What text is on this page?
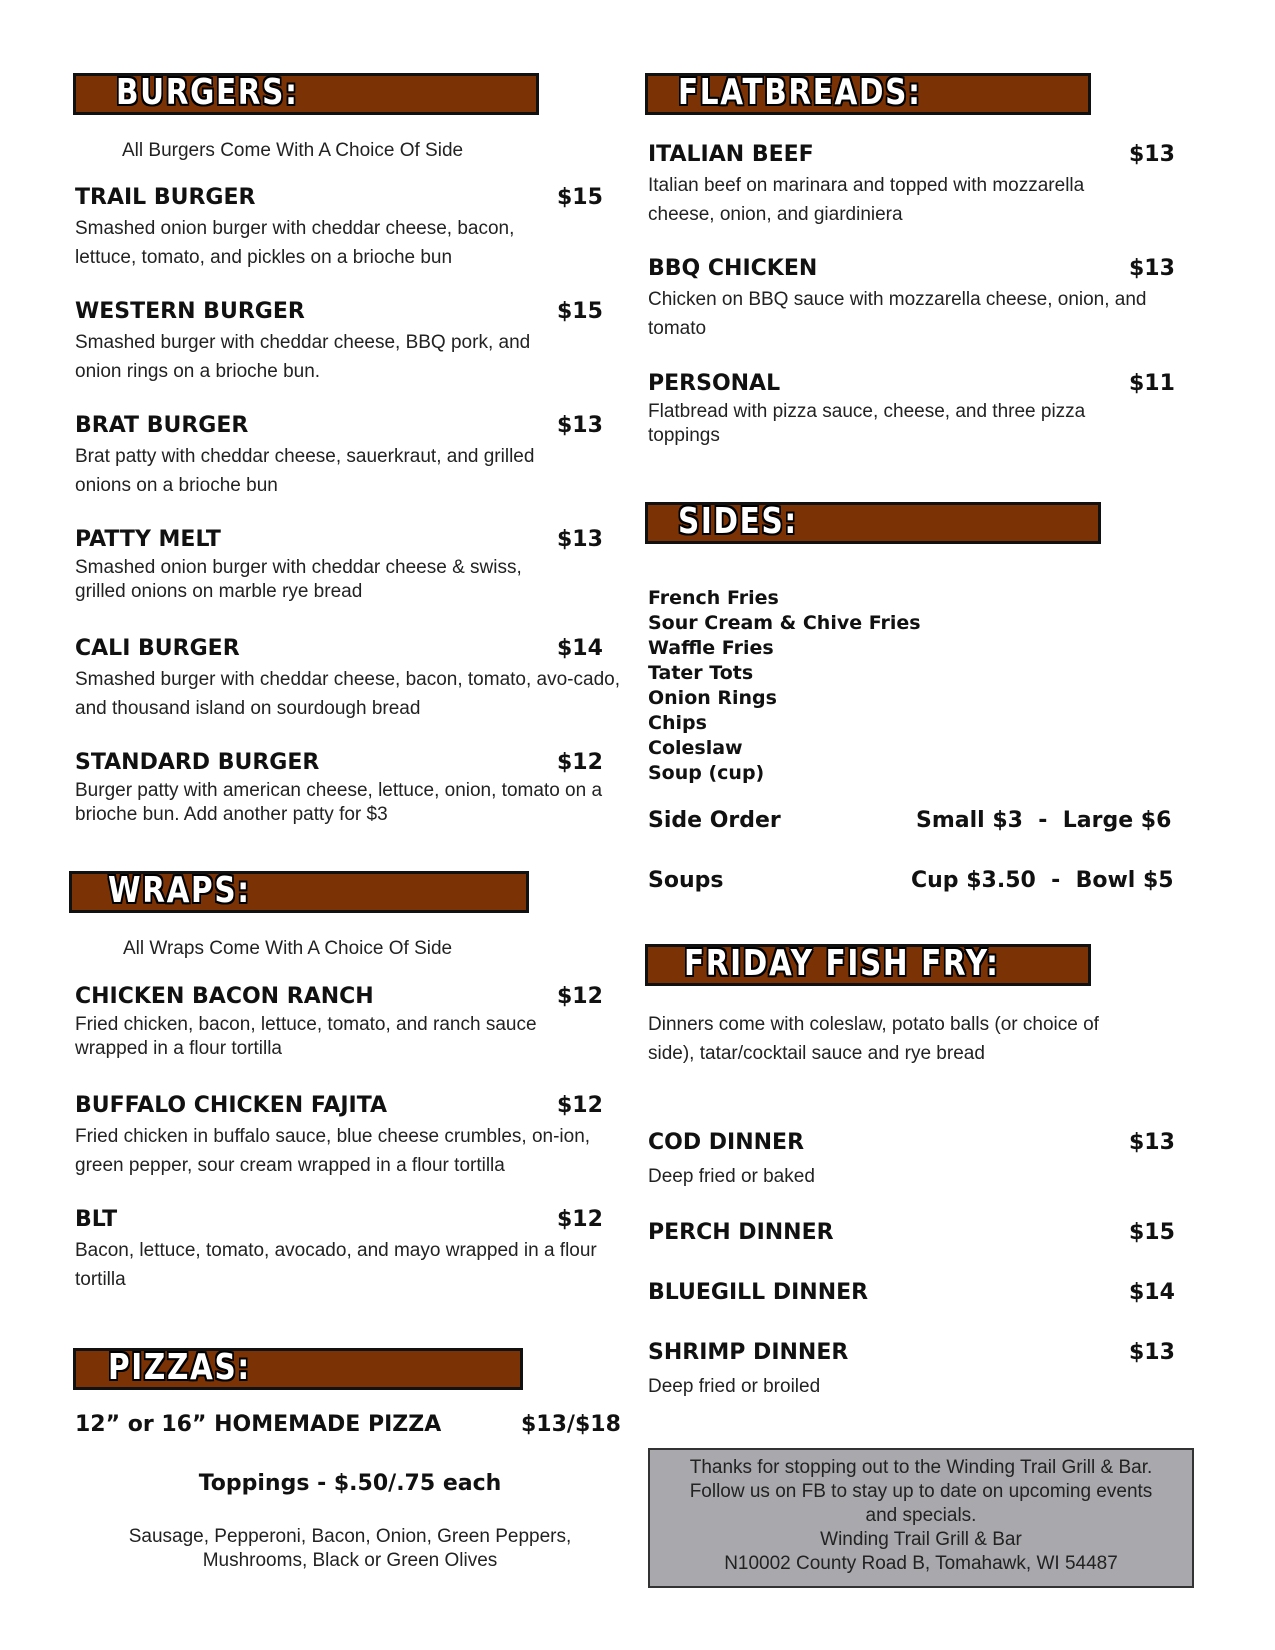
BURGERS:
All Burgers Come With A Choice Of Side
TRAIL BURGER	$15
Smashed onion burger with cheddar cheese, bacon, lettuce, tomato, and pickles on a brioche bun
WESTERN BURGER	$15
Smashed burger with cheddar cheese, BBQ pork, and onion rings on a brioche bun.
BRAT BURGER	$13
Brat patty with cheddar cheese, sauerkraut, and grilled onions on a brioche bun
PATTY MELT	$13
Smashed onion burger with cheddar cheese & swiss, grilled onions on marble rye bread
CALI BURGER	$14
Smashed burger with cheddar cheese, bacon, tomato, avo-cado, and thousand island on sourdough bread
STANDARD BURGER	$12
Burger patty with american cheese, lettuce, onion, tomato on a brioche bun. Add another patty for $3
WRAPS:
All Wraps Come With A Choice Of Side
CHICKEN BACON RANCH	$12
Fried chicken, bacon, lettuce, tomato, and ranch sauce wrapped in a flour tortilla
BUFFALO CHICKEN FAJITA	$12
Fried chicken in buffalo sauce, blue cheese crumbles, on-ion, green pepper, sour cream wrapped in a flour tortilla
BLT	$12
Bacon, lettuce, tomato, avocado, and mayo wrapped in a flour tortilla
PIZZAS:
12” or 16” HOMEMADE PIZZA	$13/$18
Toppings - $.50/.75 each
Sausage, Pepperoni, Bacon, Onion, Green Peppers,
Mushrooms, Black or Green Olives
FLATBREADS:
ITALIAN BEEF	$13
Italian beef on marinara and topped with mozzarella cheese, onion, and giardiniera
BBQ CHICKEN	$13
Chicken on BBQ sauce with mozzarella cheese, onion, and tomato
PERSONAL	$11
Flatbread with pizza sauce, cheese, and three pizza toppings
SIDES:
French Fries
Sour Cream & Chive Fries
Waffle Fries
Tater Tots
Onion Rings
Chips
Coleslaw
Soup (cup)
Side Order	Small $3  -  Large $6
Soups	Cup $3.50  -  Bowl $5
FRIDAY FISH FRY:
Dinners come with coleslaw, potato balls (or choice of side), tatar/cocktail sauce and rye bread
COD DINNER	$13
Deep fried or baked
PERCH DINNER	$15
BLUEGILL DINNER	$14
SHRIMP DINNER	$13
Deep fried or broiled
Thanks for stopping out to the Winding Trail Grill & Bar.
Follow us on FB to stay up to date on upcoming events
and specials.
Winding Trail Grill & Bar
N10002 County Road B, Tomahawk, WI 54487
